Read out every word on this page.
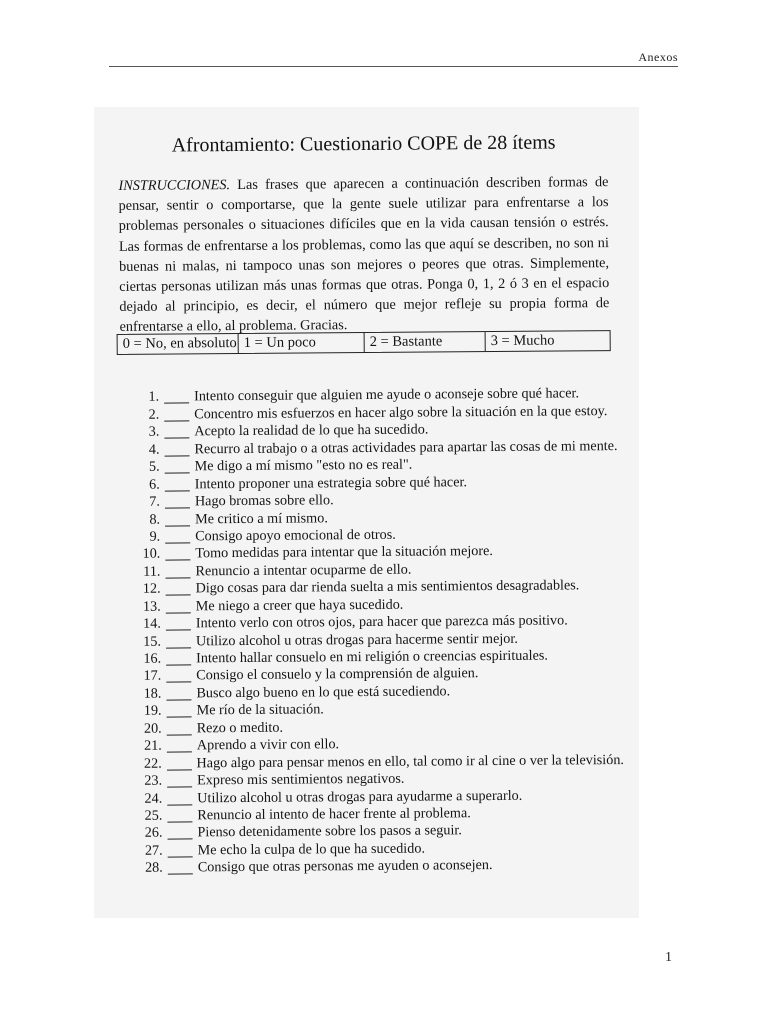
Anexos
Afrontamiento: Cuestionario COPE de 28 ítems
INSTRUCCIONES. Las frases que aparecen a continuación describen formas de pensar, sentir o comportarse, que la gente suele utilizar para enfrentarse a los problemas personales o situaciones difíciles que en la vida causan tensión o estrés. Las formas de enfrentarse a los problemas, como las que aquí se describen, no son ni buenas ni malas, ni tampoco unas son mejores o peores que otras. Simplemente, ciertas personas utilizan más unas formas que otras. Ponga 0, 1, 2 ó 3 en el espacio dejado al principio, es decir, el número que mejor refleje su propia forma de enfrentarse a ello, al problema. Gracias.
0 = No, en absoluto 1 = Un poco	2 = Bastante	3 = Mucho
1. Intento conseguir que alguien me ayude o aconseje sobre qué hacer.
2. Concentro mis esfuerzos en hacer algo sobre la situación en la que estoy.
3. Acepto la realidad de lo que ha sucedido.
4. Recurro al trabajo o a otras actividades para apartar las cosas de mi mente.
5. Me digo a mí mismo "esto no es real".
6. Intento proponer una estrategia sobre qué hacer.
7. Hago bromas sobre ello.
8. Me critico a mí mismo.
9. Consigo apoyo emocional de otros.
10. Tomo medidas para intentar que la situación mejore.
11. Renuncio a intentar ocuparme de ello.
12. Digo cosas para dar rienda suelta a mis sentimientos desagradables.
13. Me niego a creer que haya sucedido.
14. Intento verlo con otros ojos, para hacer que parezca más positivo.
15. Utilizo alcohol u otras drogas para hacerme sentir mejor.
16. Intento hallar consuelo en mi religión o creencias espirituales.
17. Consigo el consuelo y la comprensión de alguien.
18. Busco algo bueno en lo que está sucediendo.
19. Me río de la situación.
20. Rezo o medito.
21. Aprendo a vivir con ello.
22. Hago algo para pensar menos en ello, tal como ir al cine o ver la televisión.
23. Expreso mis sentimientos negativos.
24. Utilizo alcohol u otras drogas para ayudarme a superarlo.
25. Renuncio al intento de hacer frente al problema.
26. Pienso detenidamente sobre los pasos a seguir.
27. Me echo la culpa de lo que ha sucedido.
28. Consigo que otras personas me ayuden o aconsejen.
1
